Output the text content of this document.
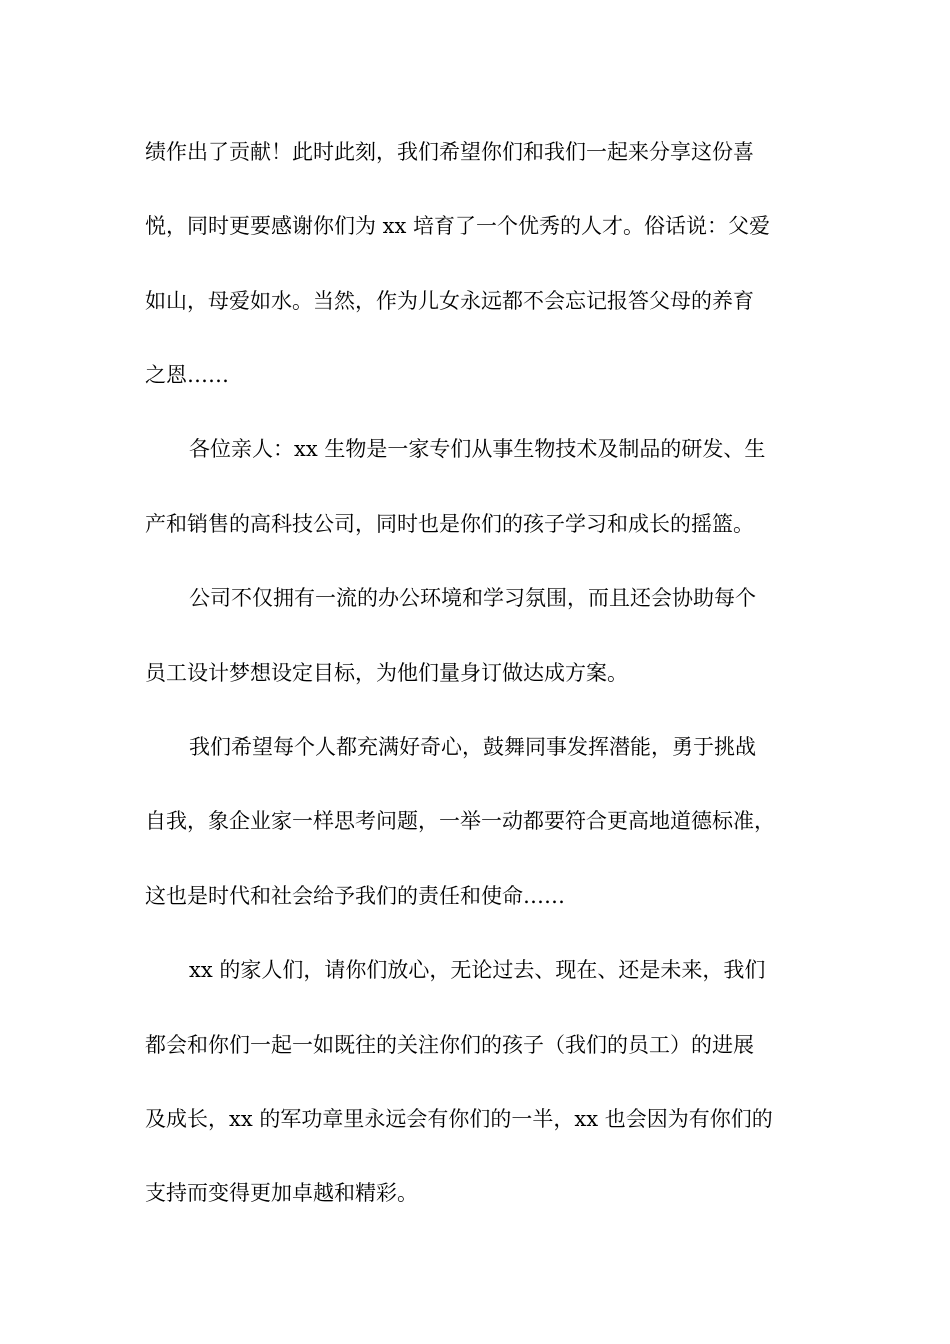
绩作出了贡献！此时此刻，我们希望你们和我们一起来分享这份喜
悦，同时更要感谢你们为 xx 培育了一个优秀的人才。俗话说：父爱
如山，母爱如水。当然，作为儿女永远都不会忘记报答父母的养育
之恩……
各位亲人：xx 生物是一家专们从事生物技术及制品的研发、生
产和销售的高科技公司，同时也是你们的孩子学习和成长的摇篮。
公司不仅拥有一流的办公环境和学习氛围，而且还会协助每个
员工设计梦想设定目标，为他们量身订做达成方案。
我们希望每个人都充满好奇心，鼓舞同事发挥潜能，勇于挑战
自我，象企业家一样思考问题，一举一动都要符合更高地道德标准，
这也是时代和社会给予我们的责任和使命……
xx 的家人们，请你们放心，无论过去、现在、还是未来，我们
都会和你们一起一如既往的关注你们的孩子（我们的员工）的进展
及成长，xx 的军功章里永远会有你们的一半，xx 也会因为有你们的
支持而变得更加卓越和精彩。
